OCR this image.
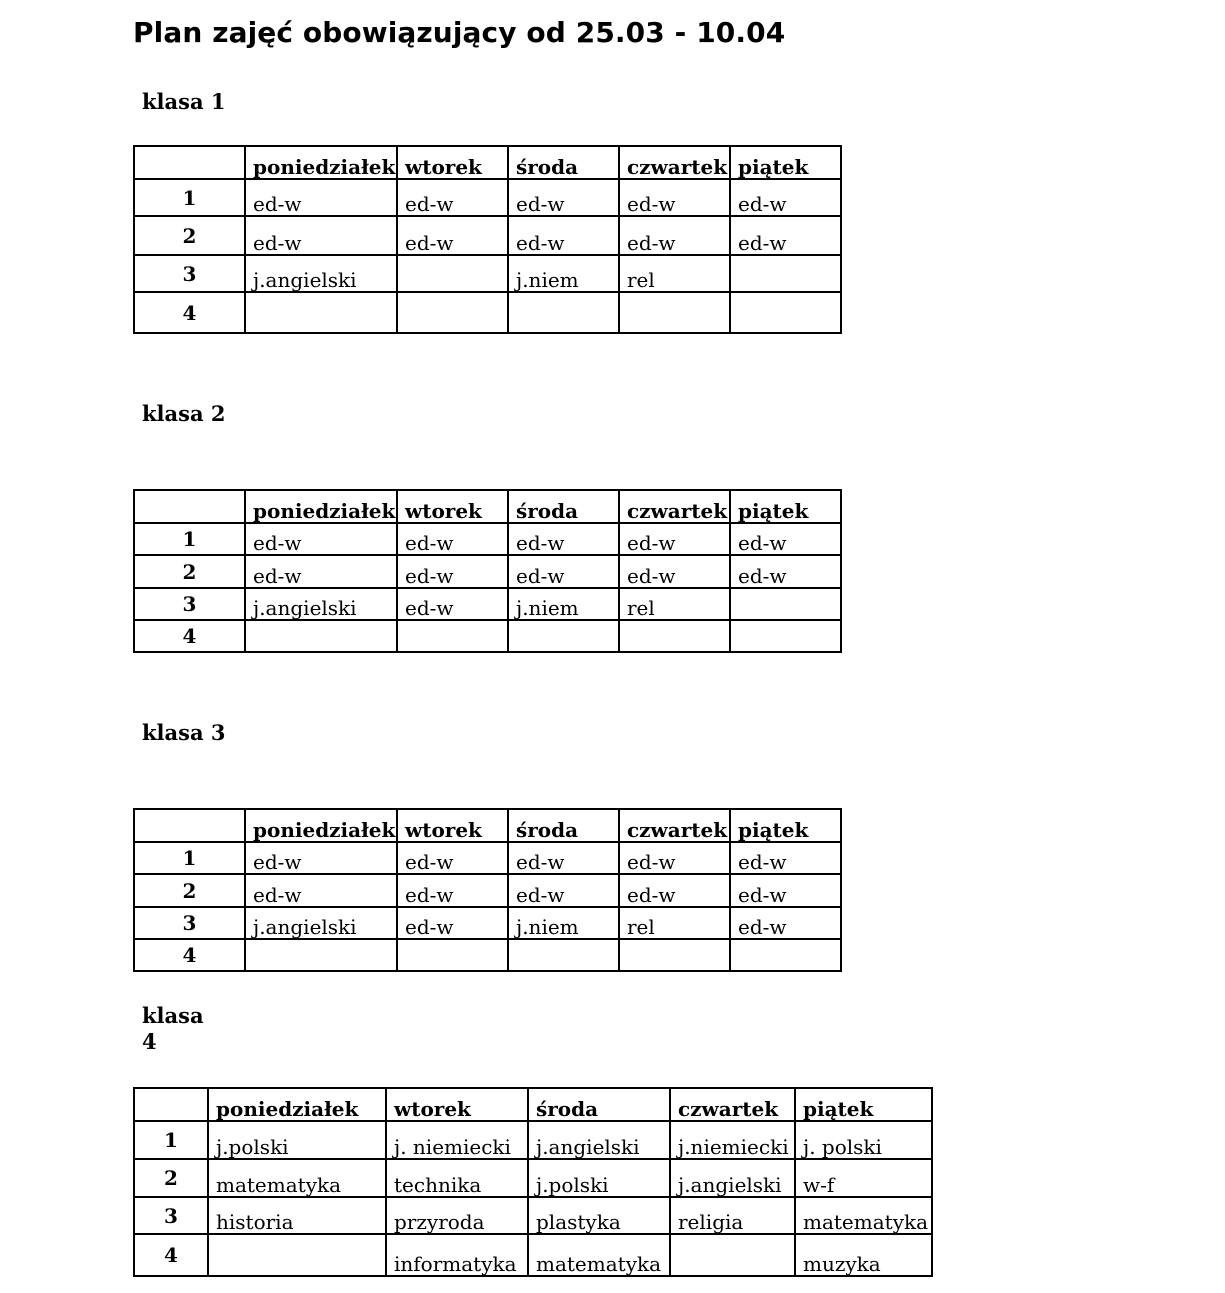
Plan zajęć obowiązujący od 25.03 - 10.04
klasa 1
	poniedziałek	wtorek	środa	czwartek	piątek
1	ed-w	ed-w	ed-w	ed-w	ed-w
2	ed-w	ed-w	ed-w	ed-w	ed-w
3	j.angielski		j.niem	rel	
4					
klasa 2
	poniedziałek	wtorek	środa	czwartek	piątek
1	ed-w	ed-w	ed-w	ed-w	ed-w
2	ed-w	ed-w	ed-w	ed-w	ed-w
3	j.angielski	ed-w	j.niem	rel	
4					
klasa 3
	poniedziałek	wtorek	środa	czwartek	piątek
1	ed-w	ed-w	ed-w	ed-w	ed-w
2	ed-w	ed-w	ed-w	ed-w	ed-w
3	j.angielski	ed-w	j.niem	rel	ed-w
4					
klasa
4
	poniedziałek	wtorek	środa	czwartek	piątek
1	j.polski	j. niemiecki	j.angielski	j.niemiecki	j. polski
2	matematyka	technika	j.polski	j.angielski	w-f
3	historia	przyroda	plastyka	religia	matematyka
4		informatyka	matematyka		muzyka
